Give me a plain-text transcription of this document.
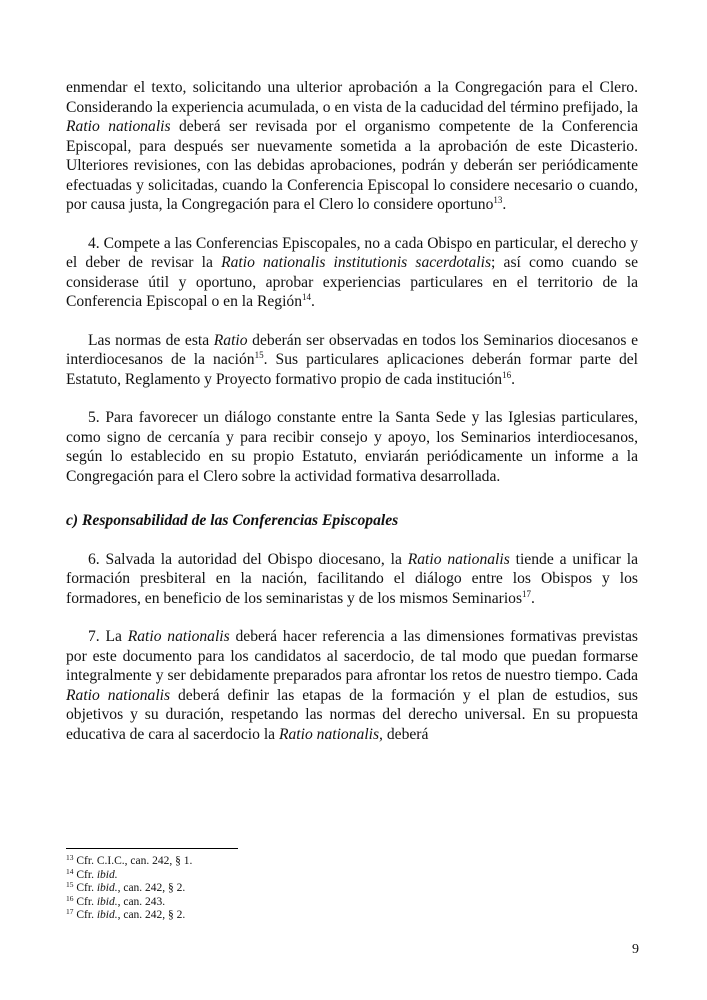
enmendar el texto, solicitando una ulterior aprobación a la Congregación para el Clero. Considerando la experiencia acumulada, o en vista de la caducidad del término prefijado, la Ratio nationalis deberá ser revisada por el organismo competente de la Conferencia Episcopal, para después ser nuevamente sometida a la aprobación de este Dicasterio. Ulteriores revisiones, con las debidas aprobaciones, podrán y deberán ser periódicamente efectuadas y solicitadas, cuando la Conferencia Episcopal lo considere necesario o cuando, por causa justa, la Congregación para el Clero lo considere oportuno$^{13}$.

4. Compete a las Conferencias Episcopales, no a cada Obispo en particular, el derecho y el deber de revisar la Ratio nationalis institutionis sacerdotalis; así como cuando se considerase útil y oportuno, aprobar experiencias particulares en el territorio de la Conferencia Episcopal o en la Región$^{14}$.

Las normas de esta Ratio deberán ser observadas en todos los Seminarios diocesanos e interdiocesanos de la nación$^{15}$. Sus particulares aplicaciones deberán formar parte del Estatuto, Reglamento y Proyecto formativo propio de cada institución$^{16}$.

5. Para favorecer un diálogo constante entre la Santa Sede y las Iglesias particulares, como signo de cercanía y para recibir consejo y apoyo, los Seminarios interdiocesanos, según lo establecido en su propio Estatuto, enviarán periódicamente un informe a la Congregación para el Clero sobre la actividad formativa desarrollada.

c) Responsabilidad de las Conferencias Episcopales

6. Salvada la autoridad del Obispo diocesano, la Ratio nationalis tiende a unificar la formación presbiteral en la nación, facilitando el diálogo entre los Obispos y los formadores, en beneficio de los seminaristas y de los mismos Seminarios$^{17}$.

7. La Ratio nationalis deberá hacer referencia a las dimensiones formativas previstas por este documento para los candidatos al sacerdocio, de tal modo que puedan formarse integralmente y ser debidamente preparados para afrontar los retos de nuestro tiempo. Cada Ratio nationalis deberá definir las etapas de la formación y el plan de estudios, sus objetivos y su duración, respetando las normas del derecho universal. En su propuesta educativa de cara al sacerdocio la Ratio nationalis, deberá

$^{13}$ Cfr. C.I.C., can. 242, § 1.

$^{14}$ Cfr. ibid.

$^{15}$ Cfr. ibid., can. 242, § 2.

$^{16}$ Cfr. ibid., can. 243.

$^{17}$ Cfr. ibid., can. 242, § 2.

9
